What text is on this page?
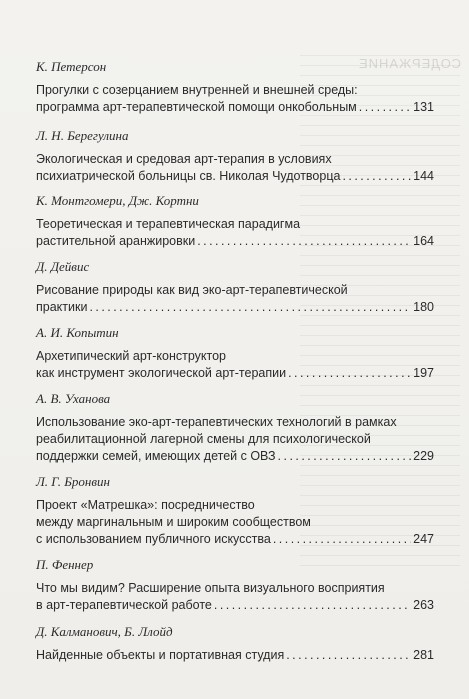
СОДЕРЖАНИЕ

К. Петерсон

Прогулки с созерцанием внутренней и внешней среды:
программа арт-терапевтической помощи онкобольным . . .	131

Л. Н. Берегулина

Экологическая и средовая арт-терапия в условиях
психиатрической больницы св. Николая Чудотворца . . .	144

К. Монтгомери, Дж. Кортни

Теоретическая и терапевтическая парадигма
растительной аранжировки . . .	164

Д. Дейвис

Рисование природы как вид эко-арт-терапевтической
практики . . .	180

А. И. Копытин

Архетипический арт-конструктор
как инструмент экологической арт-терапии . . .	197

А. В. Уханова

Использование эко-арт-терапевтических технологий в рамках
реабилитационной лагерной смены для психологической
поддержки семей, имеющих детей с ОВЗ . . .	229

Л. Г. Бронвин

Проект «Матрешка»: посредничество
между маргинальным и широким сообществом
с использованием публичного искусства . . .	247

П. Феннер

Что мы видим? Расширение опыта визуального восприятия
в арт-терапевтической работе . . .	263

Д. Калманович, Б. Ллойд

Найденные объекты и портативная студия . . .	281
